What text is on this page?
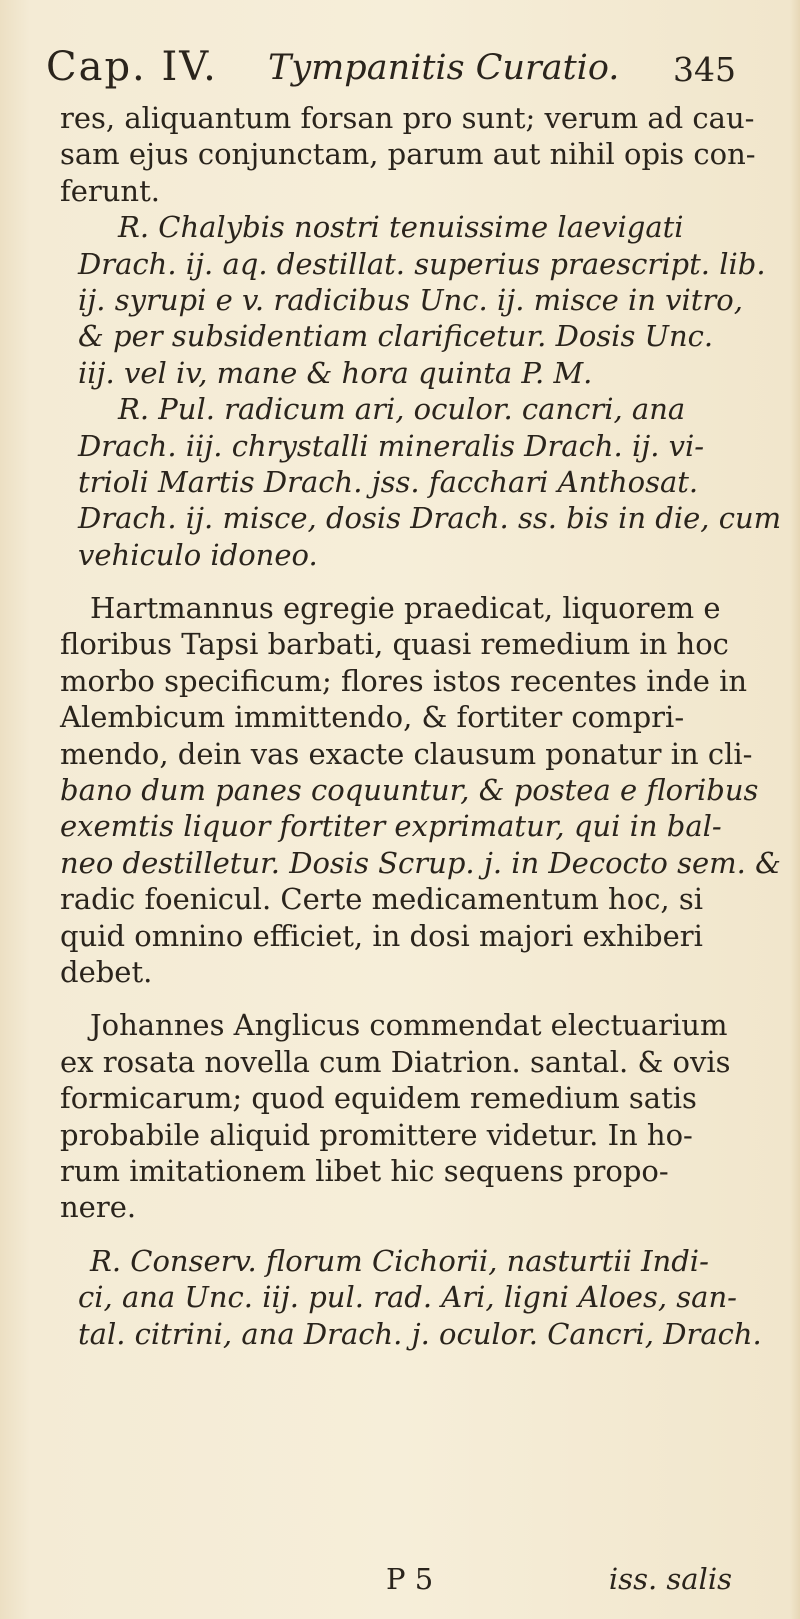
Cap. IV. Tympanitis Curatio. 345
res, aliquantum forsan pro sunt; verum ad cau-
sam ejus conjunctam, parum aut nihil opis con-
ferunt.
R. Chalybis nostri tenuissime laevigati
Drach. ij. aq. destillat. superius praescript. lib.
ij. syrupi e v. radicibus Unc. ij. misce in vitro,
& per subsidentiam clarificetur. Dosis Unc.
iij. vel iv, mane & hora quinta P. M.
R. Pul. radicum ari, oculor. cancri, ana
Drach. iij. chrystalli mineralis Drach. ij. vi-
trioli Martis Drach. jss. facchari Anthosat.
Drach. ij. misce, dosis Drach. ss. bis in die, cum
vehiculo idoneo.
Hartmannus egregie praedicat, liquorem e
floribus Tapsi barbati, quasi remedium in hoc
morbo specificum; flores istos recentes inde in
Alembicum immittendo, & fortiter compri-
mendo, dein vas exacte clausum ponatur in cli-
bano dum panes coquuntur, & postea e floribus
exemtis liquor fortiter exprimatur, qui in bal-
neo destilletur. Dosis Scrup. j. in Decocto sem. &
radic foenicul. Certe medicamentum hoc, si
quid omnino efficiet, in dosi majori exhiberi
debet.
Johannes Anglicus commendat electuarium
ex rosata novella cum Diatrion. santal. & ovis
formicarum; quod equidem remedium satis
probabile aliquid promittere videtur. In ho-
rum imitationem libet hic sequens propo-
nere.
R. Conserv. florum Cichorii, nasturtii Indi-
ci, ana Unc. iij. pul. rad. Ari, ligni Aloes, san-
tal. citrini, ana Drach. j. oculor. Cancri, Drach.
P 5	iss. salis
